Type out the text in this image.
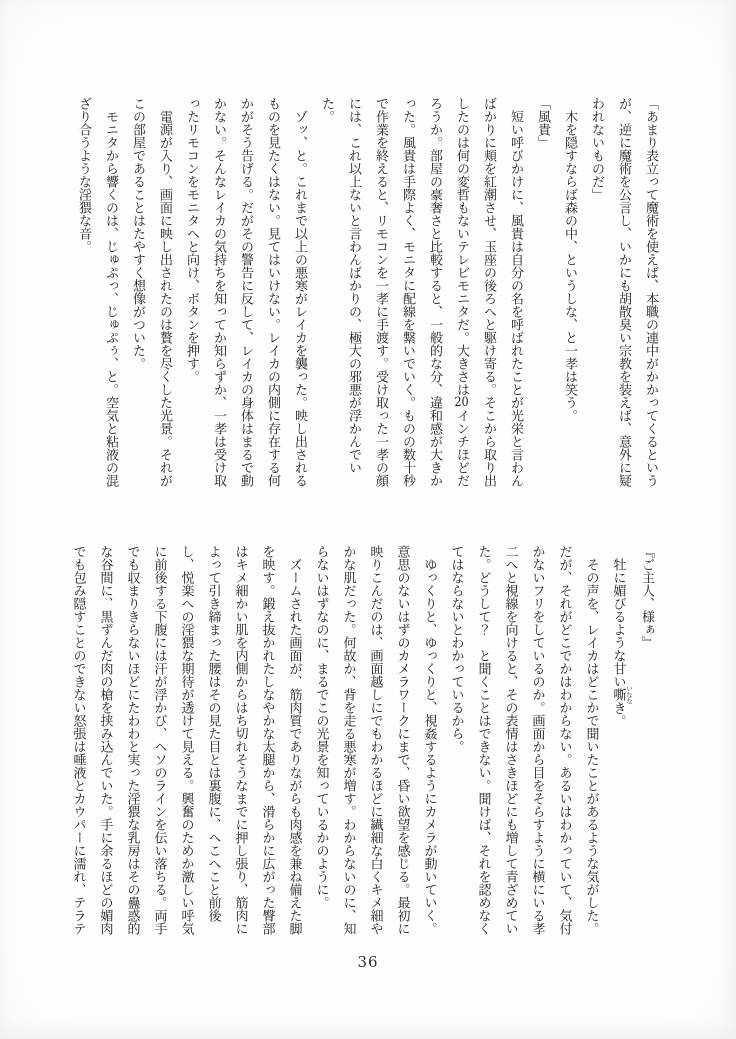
「あまり表立って魔術を使えば、本職の連中がかかってくるという
が、逆に魔術を公言し、いかにも胡散臭い宗教を装えば、意外に疑
われないものだ」
　木を隠すならば森の中、というしな、と一孝は笑う。
「風貴」
　短い呼びかけに、風貴は自分の名を呼ばれたことが光栄と言わん
ばかりに頬を紅潮させ、玉座の後ろへと駆け寄る。そこから取り出
したのは何の変哲もないテレビモニタだ。大きさは20インチほどだ
ろうか。部屋の豪奢さと比較すると、一般的な分、違和感が大きか
った。風貴は手際よく、モニタに配線を繋いでいく。ものの数十秒
で作業を終えると、リモコンを一孝に手渡す。受け取った一孝の顔
には、これ以上ないと言わんばかりの、極大の邪悪が浮かんでい
た。
　ゾッ、と。これまで以上の悪寒がレイカを襲った。映し出される
ものを見たくはない。見てはいけない。レイカの内側に存在する何
かがそう告げる。だがその警告に反して、レイカの身体はまるで動
かない。そんなレイカの気持ちを知ってか知らずか、一孝は受け取
ったリモコンをモニタへと向け、ボタンを押す。
　電源が入り、画面に映し出されたのは贅を尽くした光景。それが
この部屋であることはたやすく想像がついた。
　モニタから響くのは、じゅぷっ、じゅぷぅ、と。空気と粘液の混
ざり合うような淫猥な音。
『ご主人、様ぁ』
　牡に媚びるような甘い嘶 いななき。
　その声を、レイカはどこかで聞いたことがあるような気がした。
だが、それがどこでかはわからない。あるいはわかっていて、気付
かないフリをしているのか。画面から目をそらすように横にいる孝
二へと視線を向けると、その表情はさきほどにも増して青ざめてい
た。どうして？　と聞くことはできない。聞けば、それを認めなく
てはならないとわかっているから。
　ゆっくりと、ゆっくりと、視姦するようにカメラが動いていく。
意思のないはずのカメラワークにまで、昏い欲望を感じる。最初に
映りこんだのは、画面越しにでもわかるほどに繊細な白くキメ細や
かな肌だった。何故か、背を走る悪寒が増す。わからないのに、知
らないはずなのに、まるでこの光景を知っているかのように。
　ズームされた画面が、筋肉質でありながらも肉感を兼ね備えた脚
を映す。鍛え抜かれたしなやかな太腿から、滑らかに広がった臀部
はキメ細かい肌を内側からはち切れそうなまでに押し張り、筋肉に
よって引き締まった腰はその見た目とは裏腹に、へこへこと前後
し、悦楽への淫猥な期待が透けて見える。興奮のためか激しい呼気
に前後する下腹には汗が浮かび、ヘソのラインを伝い落ちる。両手
でも収まりきらないほどにたわわと実った淫猥な乳房はその蠱惑的
な谷間に、黒ずんだ肉の槍を挟み込んでいた。手に余るほどの媚肉
でも包み隠すことのできない怒張は唾液とカウパーに濡れ、テラテ
36
